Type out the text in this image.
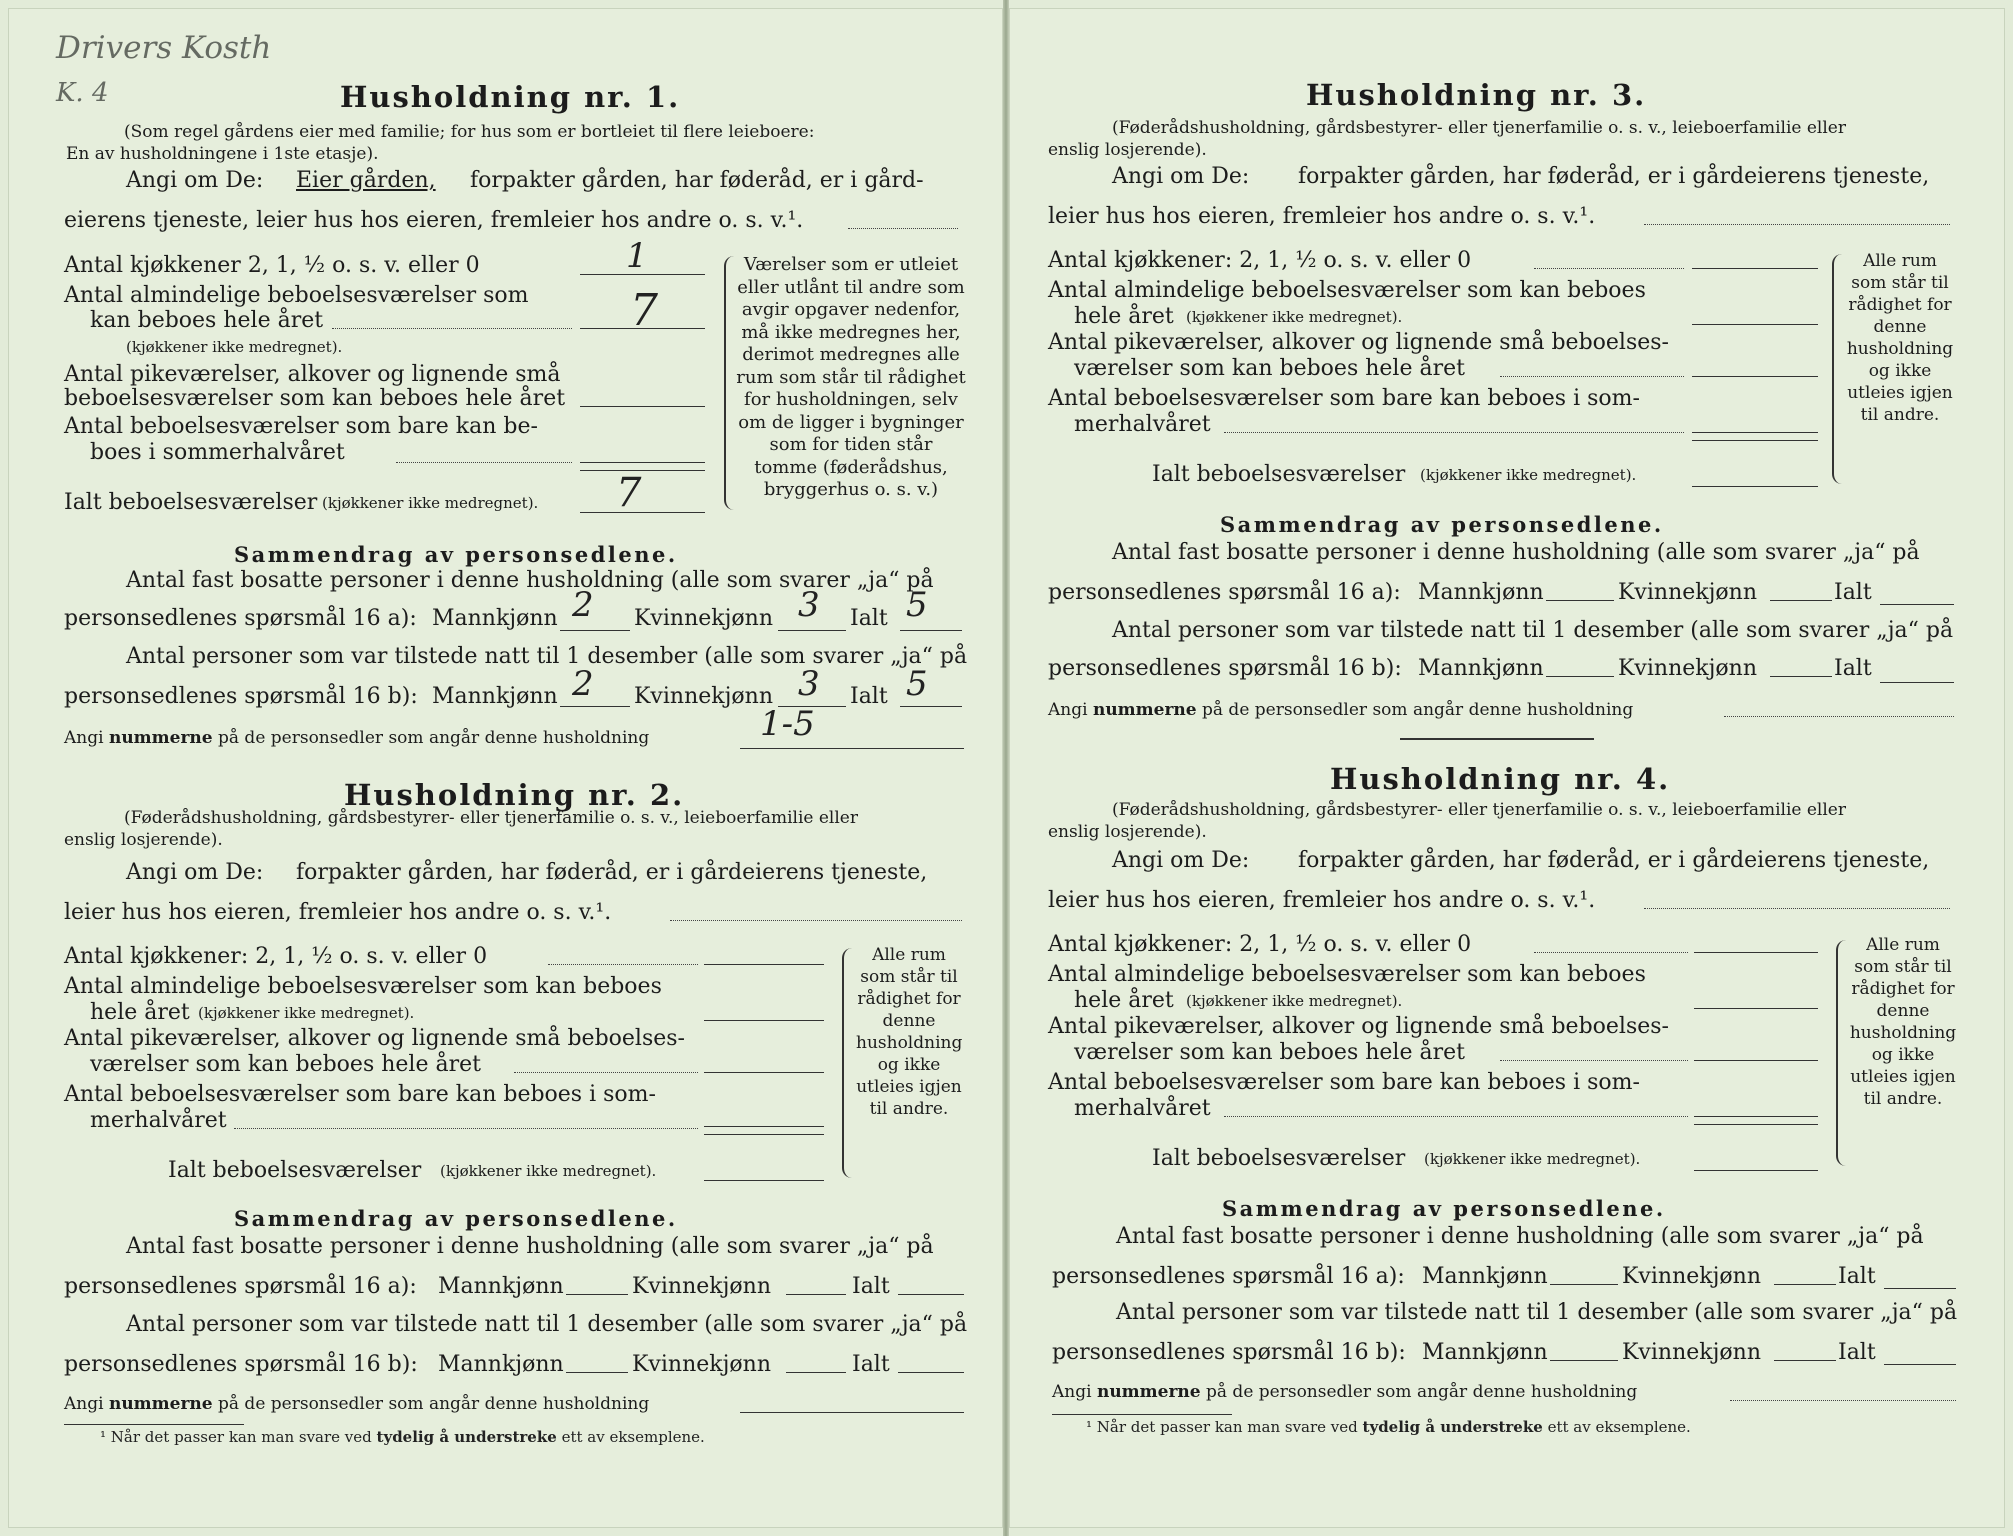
Drivers Kosth
K. 4	Husholdning nr. 1.
(Som regel gårdens eier med familie; for hus som er bortleiet til flere leieboere:
En av husholdningene i 1ste etasje).
Angi om De: Eier gården, forpakter gården, har føderåd, er i gård-
eierens tjeneste, leier hus hos eieren, fremleier hos andre o. s. v.¹.
Antal kjøkkener 2, 1, ½ o. s. v. eller 0	1
Antal almindelige beboelsesværelser som
kan beboes hele året	7
(kjøkkener ikke medregnet).
Antal pikeværelser, alkover og lignende små
beboelsesværelser som kan beboes hele året
Antal beboelsesværelser som bare kan be-
boes i sommerhalvåret
Ialt beboelsesværelser (kjøkkener ikke medregnet). 7
Værelser som er utleiet eller utlånt til andre som avgir opgaver nedenfor, må ikke medregnes her, derimot medregnes alle rum som står til rådighet for husholdningen, selv om de ligger i bygninger som for tiden står tomme (føderådshus, bryggerhus o. s. v.)
Sammendrag av personsedlene.
Antal fast bosatte personer i denne husholdning (alle som svarer „ja“ på
personsedlenes spørsmål 16 a): Mannkjønn 2 Kvinnekjønn 3 Ialt 5
Antal personer som var tilstede natt til 1 desember (alle som svarer „ja“ på
personsedlenes spørsmål 16 b): Mannkjønn 2 Kvinnekjønn 3 Ialt 5
Angi nummerne på de personsedler som angår denne husholdning	1-5
Husholdning nr. 2.
(Føderådshusholdning, gårdsbestyrer- eller tjenerfamilie o. s. v., leieboerfamilie eller
enslig losjerende).
Angi om De: forpakter gården, har føderåd, er i gårdeierens tjeneste,
leier hus hos eieren, fremleier hos andre o. s. v.¹.
Antal kjøkkener: 2, 1, ½ o. s. v. eller 0
Antal almindelige beboelsesværelser som kan beboes
hele året (kjøkkener ikke medregnet).
Antal pikeværelser, alkover og lignende små beboelses-
værelser som kan beboes hele året
Antal beboelsesværelser som bare kan beboes i som-
merhalvåret
Ialt beboelsesværelser (kjøkkener ikke medregnet).
Alle rum som står til rådighet for denne husholdning og ikke utleies igjen til andre.
Sammendrag av personsedlene.
Antal fast bosatte personer i denne husholdning (alle som svarer „ja“ på
personsedlenes spørsmål 16 a): Mannkjønn	Kvinnekjønn	Ialt
Antal personer som var tilstede natt til 1 desember (alle som svarer „ja“ på
personsedlenes spørsmål 16 b): Mannkjønn	Kvinnekjønn	Ialt
Angi nummerne på de personsedler som angår denne husholdning
¹ Når det passer kan man svare ved tydelig å understreke ett av eksemplene.
Husholdning nr. 3.
(Føderådshusholdning, gårdsbestyrer- eller tjenerfamilie o. s. v., leieboerfamilie eller
enslig losjerende).
Angi om De: forpakter gården, har føderåd, er i gårdeierens tjeneste,
leier hus hos eieren, fremleier hos andre o. s. v.¹.
Antal kjøkkener: 2, 1, ½ o. s. v. eller 0
Antal almindelige beboelsesværelser som kan beboes
hele året (kjøkkener ikke medregnet).
Antal pikeværelser, alkover og lignende små beboelses-
værelser som kan beboes hele året
Antal beboelsesværelser som bare kan beboes i som-
merhalvåret
Ialt beboelsesværelser (kjøkkener ikke medregnet).
Alle rum som står til rådighet for denne husholdning og ikke utleies igjen til andre.
Sammendrag av personsedlene.
Antal fast bosatte personer i denne husholdning (alle som svarer „ja“ på
personsedlenes spørsmål 16 a): Mannkjønn	Kvinnekjønn	Ialt
Antal personer som var tilstede natt til 1 desember (alle som svarer „ja“ på
personsedlenes spørsmål 16 b): Mannkjønn	Kvinnekjønn	Ialt
Angi nummerne på de personsedler som angår denne husholdning
Husholdning nr. 4.
(Føderådshusholdning, gårdsbestyrer- eller tjenerfamilie o. s. v., leieboerfamilie eller
enslig losjerende).
Angi om De: forpakter gården, har føderåd, er i gårdeierens tjeneste,
leier hus hos eieren, fremleier hos andre o. s. v.¹.
Antal kjøkkener: 2, 1, ½ o. s. v. eller 0
Antal almindelige beboelsesværelser som kan beboes
hele året (kjøkkener ikke medregnet).
Antal pikeværelser, alkover og lignende små beboelses-
værelser som kan beboes hele året
Antal beboelsesværelser som bare kan beboes i som-
merhalvåret
Ialt beboelsesværelser (kjøkkener ikke medregnet).
Alle rum som står til rådighet for denne husholdning og ikke utleies igjen til andre.
Sammendrag av personsedlene.
Antal fast bosatte personer i denne husholdning (alle som svarer „ja“ på
personsedlenes spørsmål 16 a): Mannkjønn	Kvinnekjønn	Ialt
Antal personer som var tilstede natt til 1 desember (alle som svarer „ja“ på
personsedlenes spørsmål 16 b): Mannkjønn	Kvinnekjønn	Ialt
Angi nummerne på de personsedler som angår denne husholdning
¹ Når det passer kan man svare ved tydelig å understreke ett av eksemplene.
